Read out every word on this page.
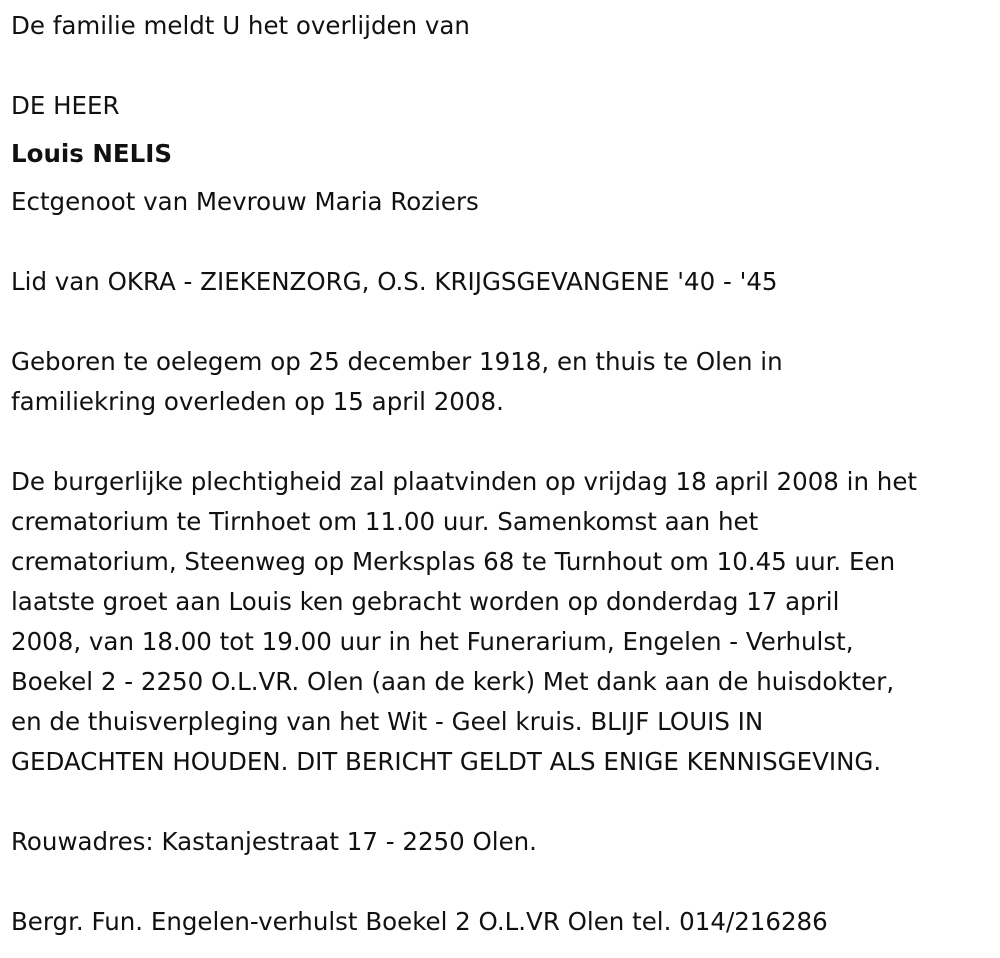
De familie meldt U het overlijden van
DE HEER
Louis NELIS
Ectgenoot van Mevrouw Maria Roziers
Lid van OKRA - ZIEKENZORG, O.S. KRIJGSGEVANGENE '40 - '45
Geboren te oelegem op 25 december 1918, en thuis te Olen in
familiekring overleden op 15 april 2008.
De burgerlijke plechtigheid zal plaatvinden op vrijdag 18 april 2008 in het
crematorium te Tirnhoet om 11.00 uur. Samenkomst aan het
crematorium, Steenweg op Merksplas 68 te Turnhout om 10.45 uur. Een
laatste groet aan Louis ken gebracht worden op donderdag 17 april
2008, van 18.00 tot 19.00 uur in het Funerarium, Engelen - Verhulst,
Boekel 2 - 2250 O.L.VR. Olen (aan de kerk) Met dank aan de huisdokter,
en de thuisverpleging van het Wit - Geel kruis. BLIJF LOUIS IN
GEDACHTEN HOUDEN. DIT BERICHT GELDT ALS ENIGE KENNISGEVING.
Rouwadres: Kastanjestraat 17 - 2250 Olen.
Bergr. Fun. Engelen-verhulst Boekel 2 O.L.VR Olen tel. 014/216286
